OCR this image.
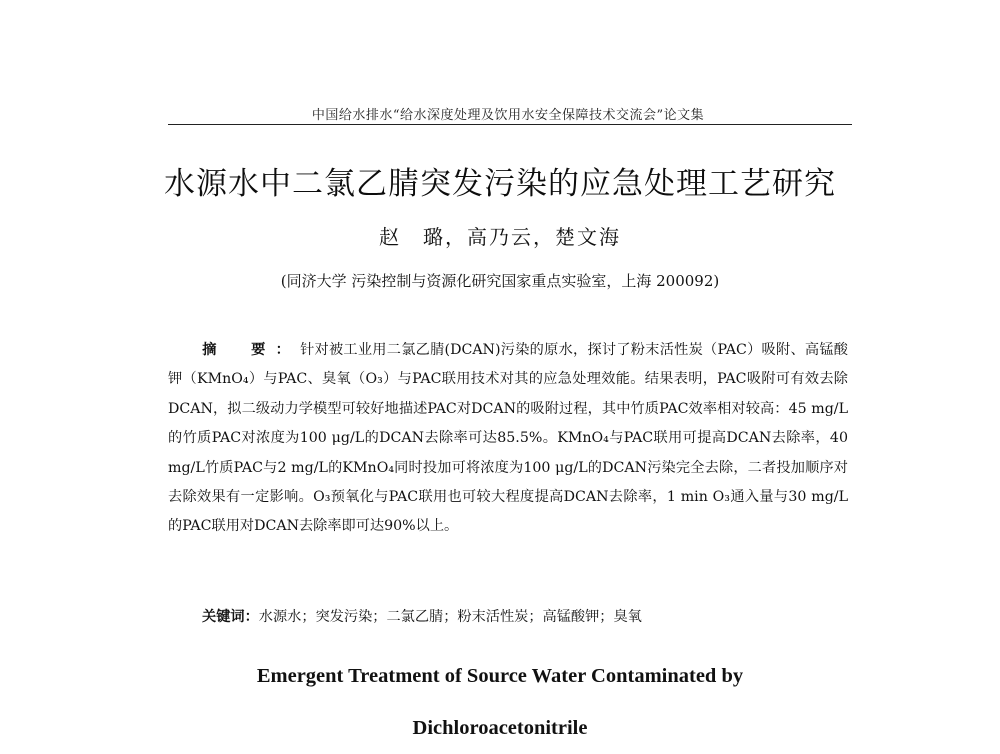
中国给水排水“给水深度处理及饮用水安全保障技术交流会”论文集
水源水中二氯乙腈突发污染的应急处理工艺研究
赵　璐，高乃云，楚文海
(同济大学 污染控制与资源化研究国家重点实验室，上海 200092)
摘　要：针对被工业用二氯乙腈(DCAN)污染的原水，探讨了粉末活性炭（PAC）吸附、高锰酸钾（KMnO₄）与PAC、臭氧（O₃）与PAC联用技术对其的应急处理效能。结果表明，PAC吸附可有效去除DCAN，拟二级动力学模型可较好地描述PAC对DCAN的吸附过程，其中竹质PAC效率相对较高：45 mg/L的竹质PAC对浓度为100 μg/L的DCAN去除率可达85.5%。KMnO₄与PAC联用可提高DCAN去除率，40 mg/L竹质PAC与2 mg/L的KMnO₄同时投加可将浓度为100 μg/L的DCAN污染完全去除，二者投加顺序对去除效果有一定影响。O₃预氧化与PAC联用也可较大程度提高DCAN去除率，1 min O₃通入量与30 mg/L的PAC联用对DCAN去除率即可达90%以上。
关键词：水源水；突发污染；二氯乙腈；粉末活性炭；高锰酸钾；臭氧
Emergent Treatment of Source Water Contaminated by Dichloroacetonitrile
